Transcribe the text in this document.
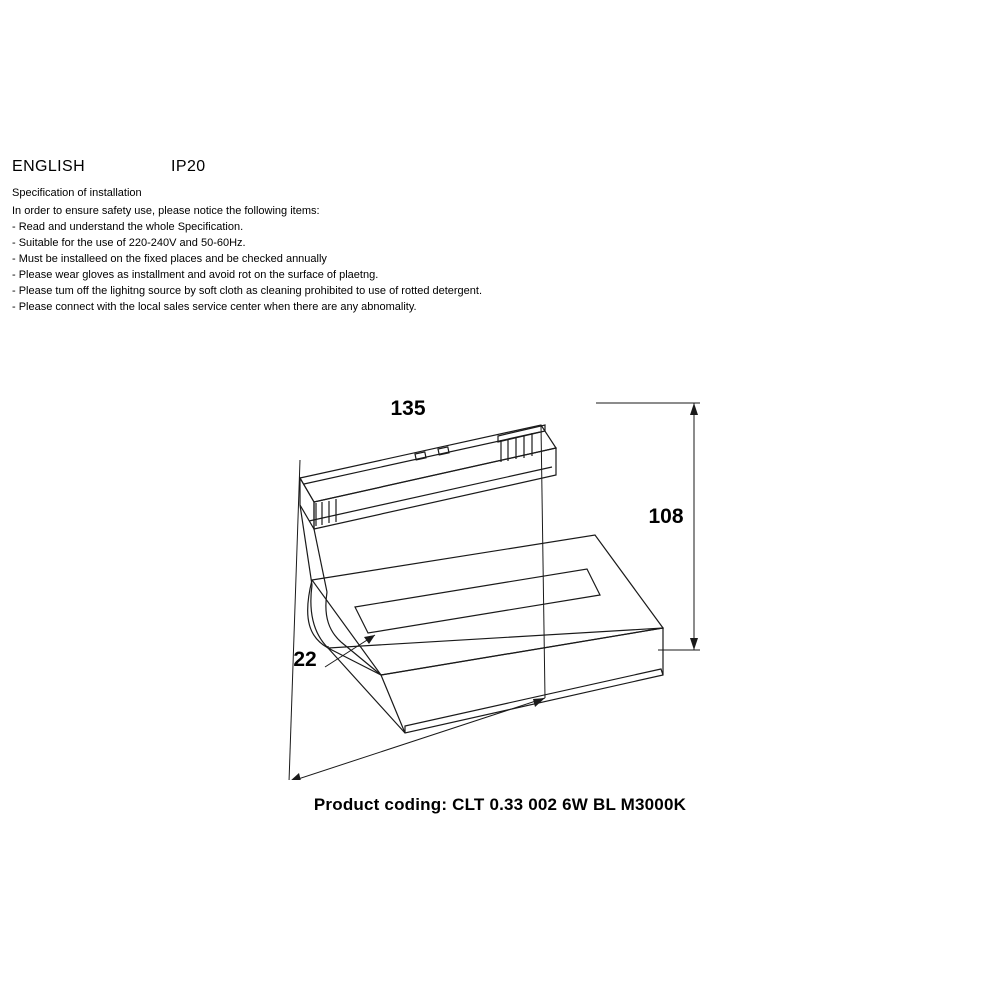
ENGLISH	IP20
Specification of installation
In order to ensure safety use, please notice the following items:
- Read and understand the whole Specification.
- Suitable for the use of 220-240V and 50-60Hz.
- Must be installeed on the fixed places and be checked annually
- Please wear gloves as installment and avoid rot on the surface of plaetng.
- Please tum off the lighitng source by soft cloth as cleaning prohibited to use of rotted detergent.
- Please connect with the local sales service center when there are any abnomality.
135
108
22
Product coding: CLT 0.33 002 6W BL M3000K
